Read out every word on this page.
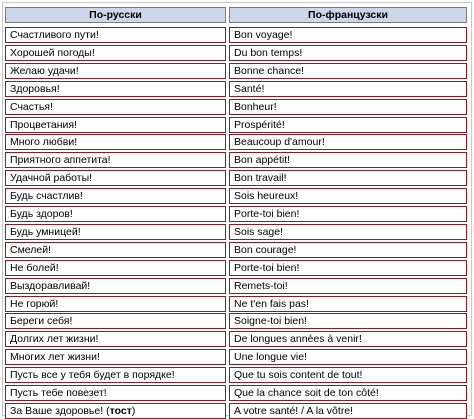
По-русски	По-французски
Счастливого пути!	Bon voyage!
Хорошей погоды!	Du bon temps!
Желаю удачи!	Bonne chance!
Здоровья!	Santé!
Счастья!	Bonheur!
Процветания!	Prospérité!
Много любви!	Beaucoup d'amour!
Приятного аппетита!	Bon appétit!
Удачной работы!	Bon travail!
Будь счастлив!	Sois heureux!
Будь здоров!	Porte-toi bien!
Будь умницей!	Sois sage!
Смелей!	Bon courage!
Не болей!	Porte-toi bien!
Выздоравливай!	Remets-toi!
Не горюй!	Ne t'en fais pas!
Береги себя!	Soigne-toi bien!
Долгих лет жизни!	De longues années à venir!
Многих лет жизни!	Une longue vie!
Пусть все у тебя будет в порядке!	Que tu sois content de tout!
Пусть тебе повезет!	Que la chance soit de ton côté!
За Ваше здоровье! (тост)	A votre santé! / A la vôtre!
